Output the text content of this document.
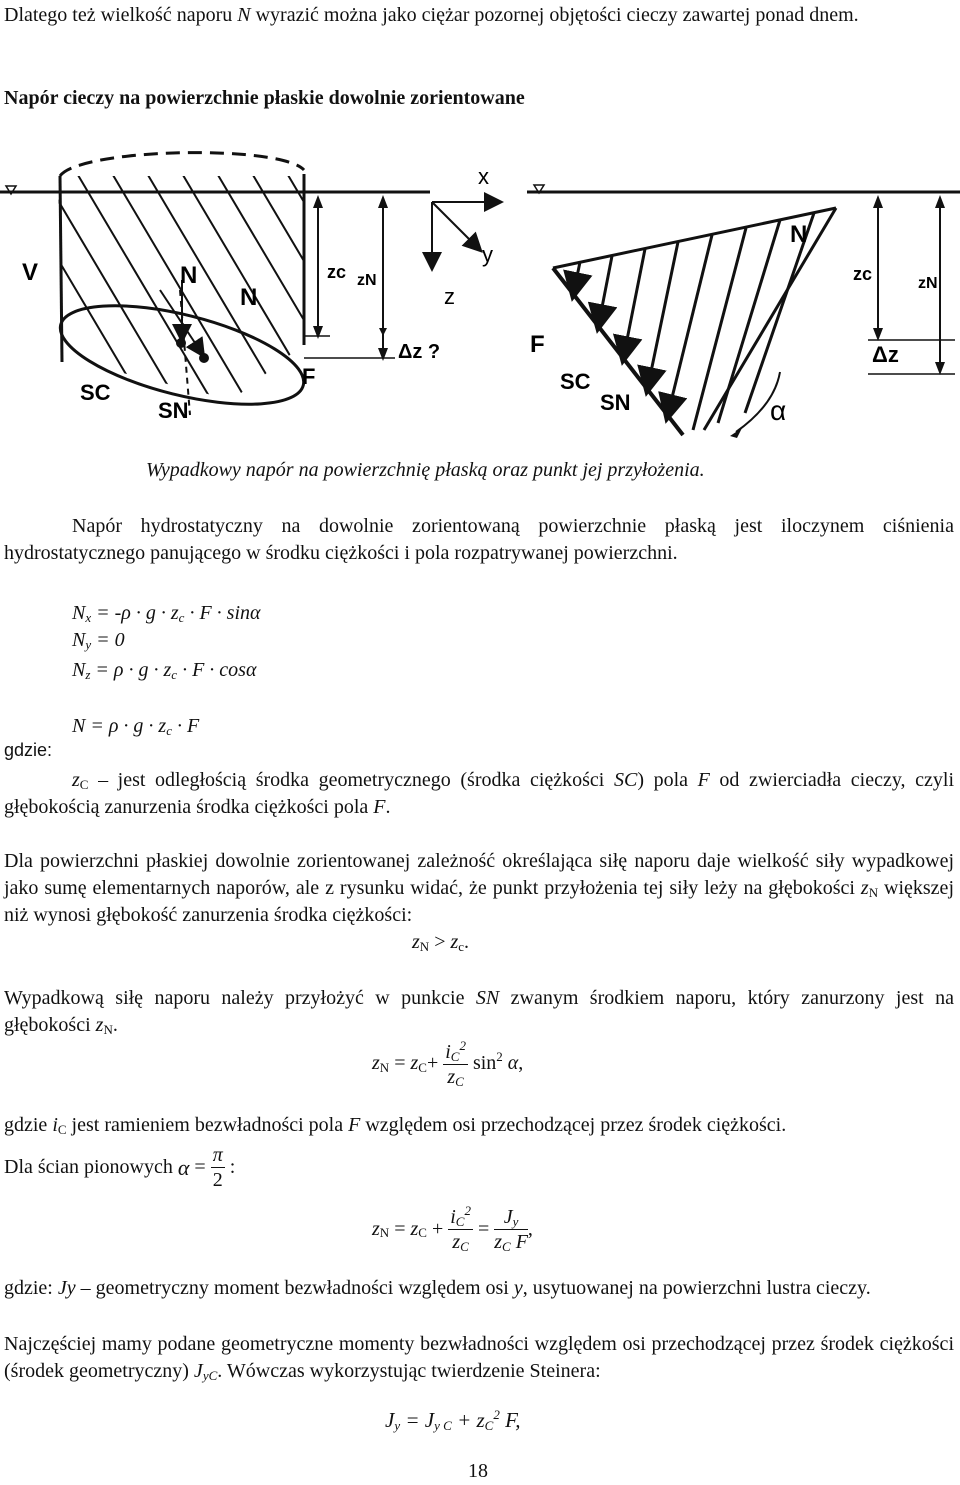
Dlatego też wielkość naporu N wyrazić można jako ciężar pozornej objętości cieczy zawartej ponad dnem.
Napór cieczy na powierzchnie płaskie dowolnie zorientowane
V	N
N
zc zN
Δz ?
SC
SN
F
x
y
z
N
zc	zN
Δz
F
SC
SN	α
Wypadkowy napór na powierzchnię płaską oraz punkt jej przyłożenia.
Napór hydrostatyczny na dowolnie zorientowaną powierzchnie płaską jest iloczynem ciśnienia hydrostatycznego panującego w środku ciężkości i pola rozpatrywanej powierzchni.
$N_x = -\rho \cdot g \cdot z_c \cdot F \cdot \sin\alpha$
$N_y = 0$
$N_z = \rho \cdot g \cdot z_c \cdot F \cdot \cos\alpha$
$N = \rho \cdot g \cdot z_c \cdot F$
gdzie:
$z_C$ – jest odległością środka geometrycznego (środka ciężkości SC) pola F od zwierciadła cieczy, czyli głębokością zanurzenia środka ciężkości pola F.
Dla powierzchni płaskiej dowolnie zorientowanej zależność określająca siłę naporu daje wielkość siły wypadkowej jako sumę elementarnych naporów, ale z rysunku widać, że punkt przyłożenia tej siły leży na głębokości $z_N$ większej niż wynosi głębokość zanurzenia środka ciężkości:
$z_N > z_c$.
Wypadkową siłę naporu należy przyłożyć w punkcie SN zwanym środkiem naporu, który zanurzony jest na głębokości $z_N$.
$z_N = z_C+ \frac{i_C^2}{z_C} \sin^2 \alpha$,
gdzie $i_C$ jest ramieniem bezwładności pola F względem osi przechodzącej przez środek ciężkości.
Dla ścian pionowych $\alpha = \frac{\pi}{2}$ :
$z_N = z_C + \frac{i_C^2}{z_C} = \frac{J_y}{z_C F}$ ,
gdzie: Jy – geometryczny moment bezwładności względem osi y, usytuowanej na powierzchni lustra cieczy.
Najczęściej mamy podane geometryczne momenty bezwładności względem osi przechodzącej przez środek ciężkości (środek geometryczny) $J_{yC}$. Wówczas wykorzystując twierdzenie Steinera:
$J_y = J_{y C} + z_C^2$ F,
18
